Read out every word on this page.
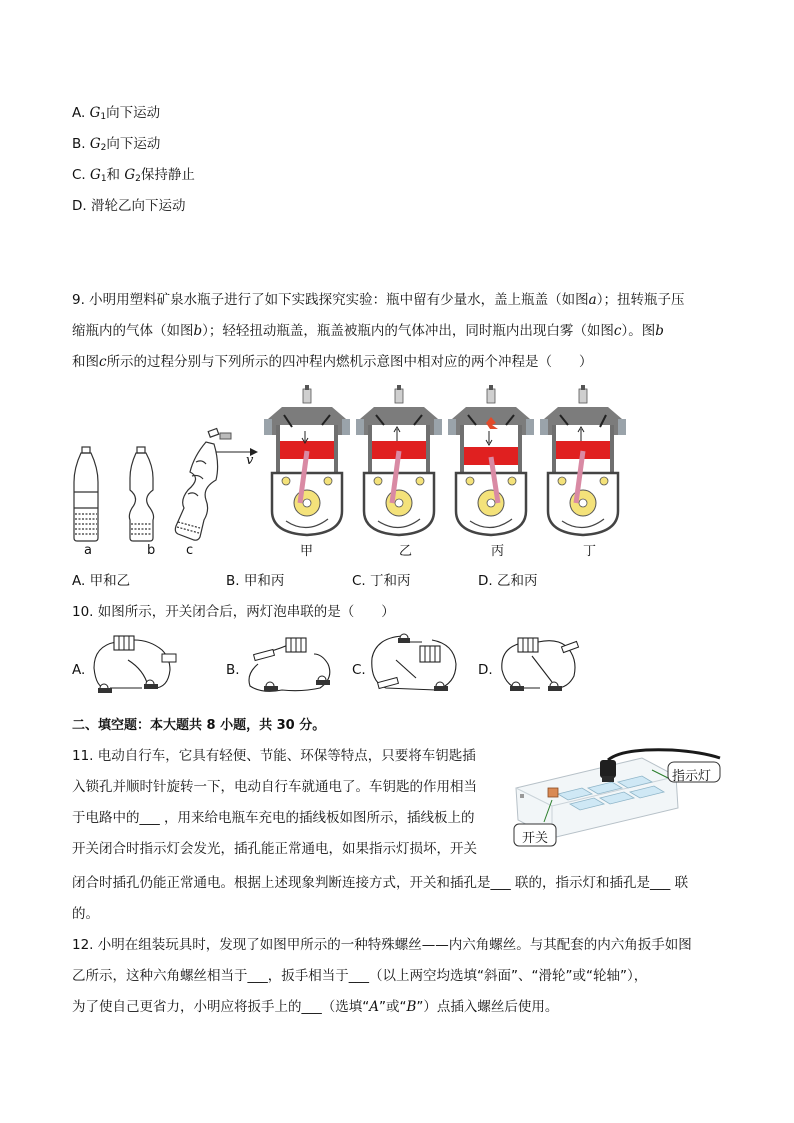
A. $G_1$向下运动
B. $G_2$向下运动
C. $G_1$和 $G_2$保持静止
D. 滑轮乙向下运动
9. 小明用塑料矿泉水瓶子进行了如下实践探究实验：瓶中留有少量水，盖上瓶盖（如图a）；扭转瓶子压
缩瓶内的气体（如图b）；轻轻扭动瓶盖，瓶盖被瓶内的气体冲出，同时瓶内出现白雾（如图c）。图b
和图c所示的过程分别与下列所示的四冲程内燃机示意图中相对应的两个冲程是（　　）
a	b c
v
甲	乙	丙	丁
A. 甲和乙	B. 甲和丙	C. 丁和丙	D. 乙和丙
10. 如图所示，开关闭合后，两灯泡串联的是（　　）
A.	B.	C.	D.
二、填空题：本大题共 8 小题，共 30 分。
11. 电动自行车，它具有轻便、节能、环保等特点，只要将车钥匙插
入锁孔并顺时针旋转一下，电动自行车就通电了。车钥匙的作用相当
于电路中的___ ，用来给电瓶车充电的插线板如图所示，插线板上的
开关闭合时指示灯会发光，插孔能正常通电，如果指示灯损坏，开关
闭合时插孔仍能正常通电。根据上述现象判断连接方式，开关和插孔是___ 联的，指示灯和插孔是___ 联
的。
指示灯
开关
12. 小明在组装玩具时，发现了如图甲所示的一种特殊螺丝——内六角螺丝。与其配套的内六角扳手如图
乙所示，这种六角螺丝相当于___，扳手相当于___（以上两空均选填“斜面”、“滑轮”或“轮轴”），
为了使自己更省力，小明应将扳手上的___（选填“A”或“B”）点插入螺丝后使用。
